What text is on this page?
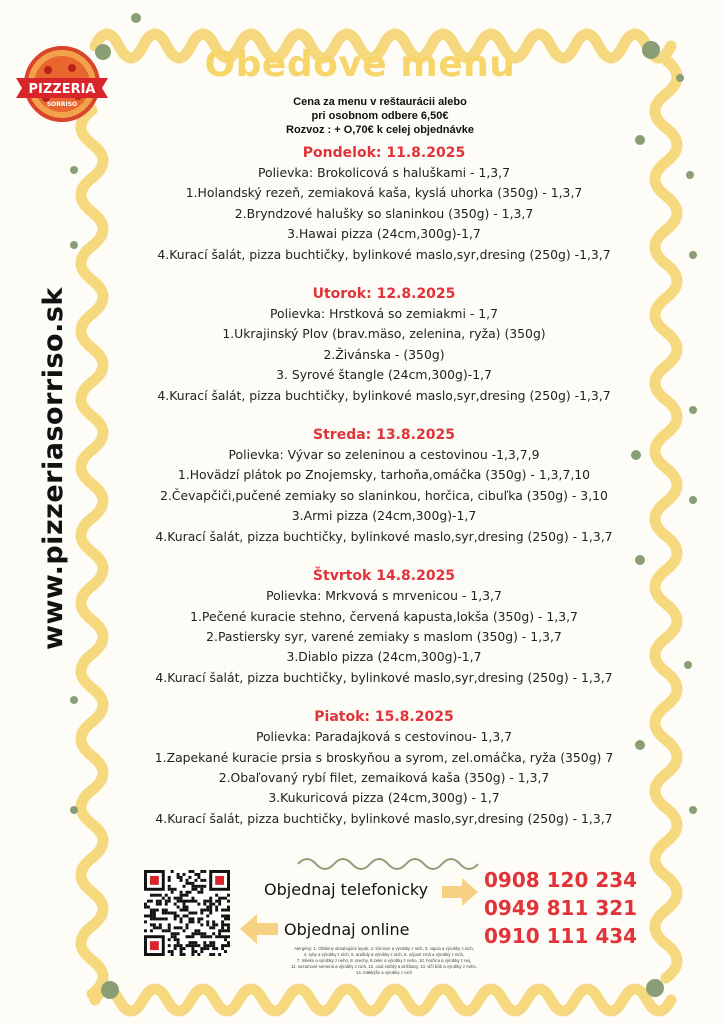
PIZZERIA
SORRISO
www.pizzeriasorriso.sk
Obedové menu
Cena za menu v reštaurácii alebo
pri osobnom odbere 6,50€
Rozvoz : + O,70€ k celej objednávke
Pondelok: 11.8.2025
Polievka: Brokolicová s haluškami - 1,3,7
1.Holandský rezeň, zemiaková kaša, kyslá uhorka (350g) - 1,3,7
2.Bryndzové halušky so slaninkou (350g) - 1,3,7
3.Hawai pizza (24cm,300g)-1,7
4.Kurací šalát, pizza buchtičky, bylinkové maslo,syr,dresing (250g) -1,3,7
Utorok: 12.8.2025
Polievka: Hrstková so zemiakmi - 1,7
1.Ukrajinský Plov (brav.mäso, zelenina, ryža) (350g)
2.Živánska - (350g)
3. Syrové štangle (24cm,300g)-1,7
4.Kurací šalát, pizza buchtičky, bylinkové maslo,syr,dresing (250g) -1,3,7
Streda: 13.8.2025
Polievka: Vývar so zeleninou a cestovinou -1,3,7,9
1.Hovädzí plátok po Znojemsky, tarhoňa,omáčka (350g) - 1,3,7,10
2.Čevapčiči,pučené zemiaky so slaninkou, horčica, cibuľka (350g) - 3,10
3.Armi pizza (24cm,300g)-1,7
4.Kurací šalát, pizza buchtičky, bylinkové maslo,syr,dresing (250g) - 1,3,7
Štvrtok 14.8.2025
Polievka: Mrkvová s mrvenicou - 1,3,7
1.Pečené kuracie stehno, červená kapusta,lokša (350g) - 1,3,7
2.Pastiersky syr, varené zemiaky s maslom (350g) - 1,3,7
3.Diablo pizza (24cm,300g)-1,7
4.Kurací šalát, pizza buchtičky, bylinkové maslo,syr,dresing (250g) - 1,3,7
Piatok: 15.8.2025
Polievka: Paradajková s cestovinou- 1,3,7
1.Zapekané kuracie prsia s broskyňou a syrom, zel.omáčka, ryža (350g) 7
2.Obaľovaný rybí filet, zemaiková kaša (350g) - 1,3,7
3.Kukuricová pizza (24cm,300g) - 1,7
4.Kurací šalát, pizza buchtičky, bylinkové maslo,syr,dresing (250g) - 1,3,7
Objednaj telefonicky
Objednaj online
0908 120 234
0949 811 321
0910 111 434
Alergény: 1. Obilniny obsahujúce lepok, 2. kôrovce a výrobky z nich, 3. vajcia a výrobky z nich,
4. ryby a výrobky z nich, 5. arašidy a výrobky z nich, 6. sójové zrná a výrobky z nich,
7. mlieko a výrobky z neho, 8. orechy, 9.zeler a výrobky z neho, 10. horčica a výrobky z nej,
11. sezamové semená a výrobky z nich, 12. oxid siričitý a siričitany, 13. vlčí bôb a výrobky z neho,
14. mäkkýše a výrobky z nich
